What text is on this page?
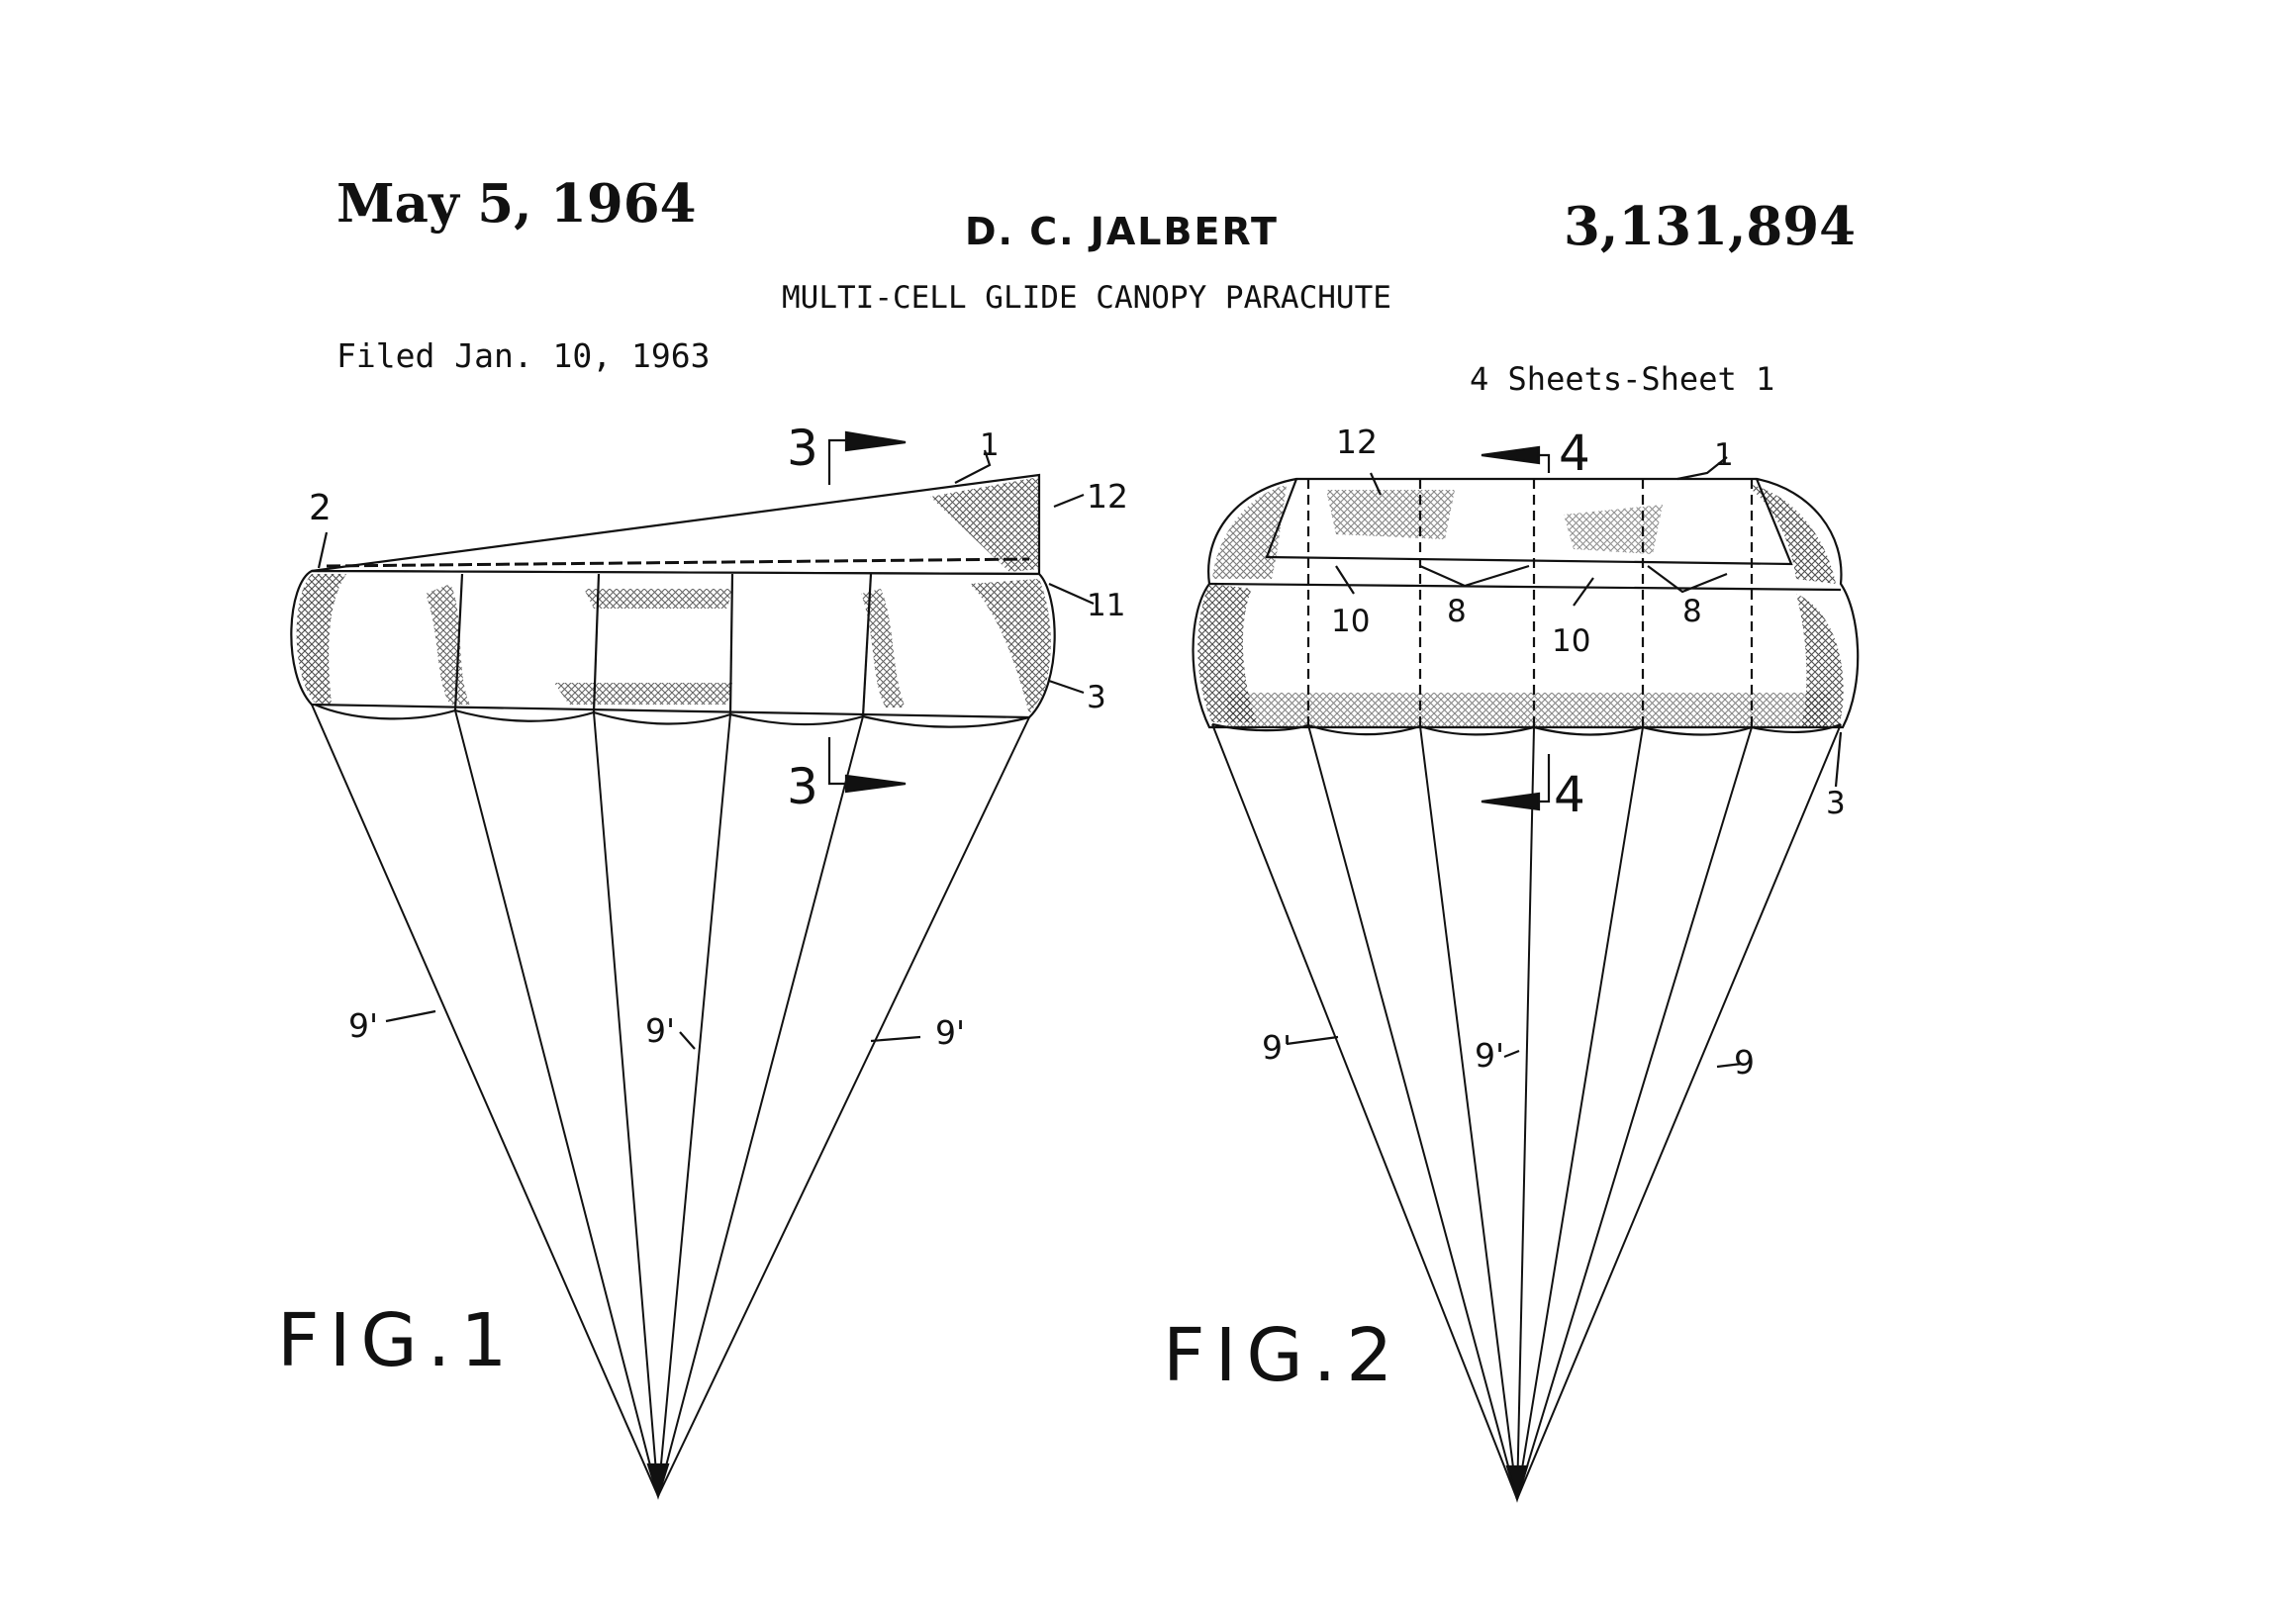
May 5, 1964	D. C. JALBERT	3,131,894
MULTI-CELL GLIDE CANOPY PARACHUTE
Filed Jan. 10, 1963
4 Sheets-Sheet 1
1
2	12
11
3
3
3
9'	9'	9'
FIG.1
12	1
4
4
10
10
8	8
3
9'	9'	9
FIG.2
